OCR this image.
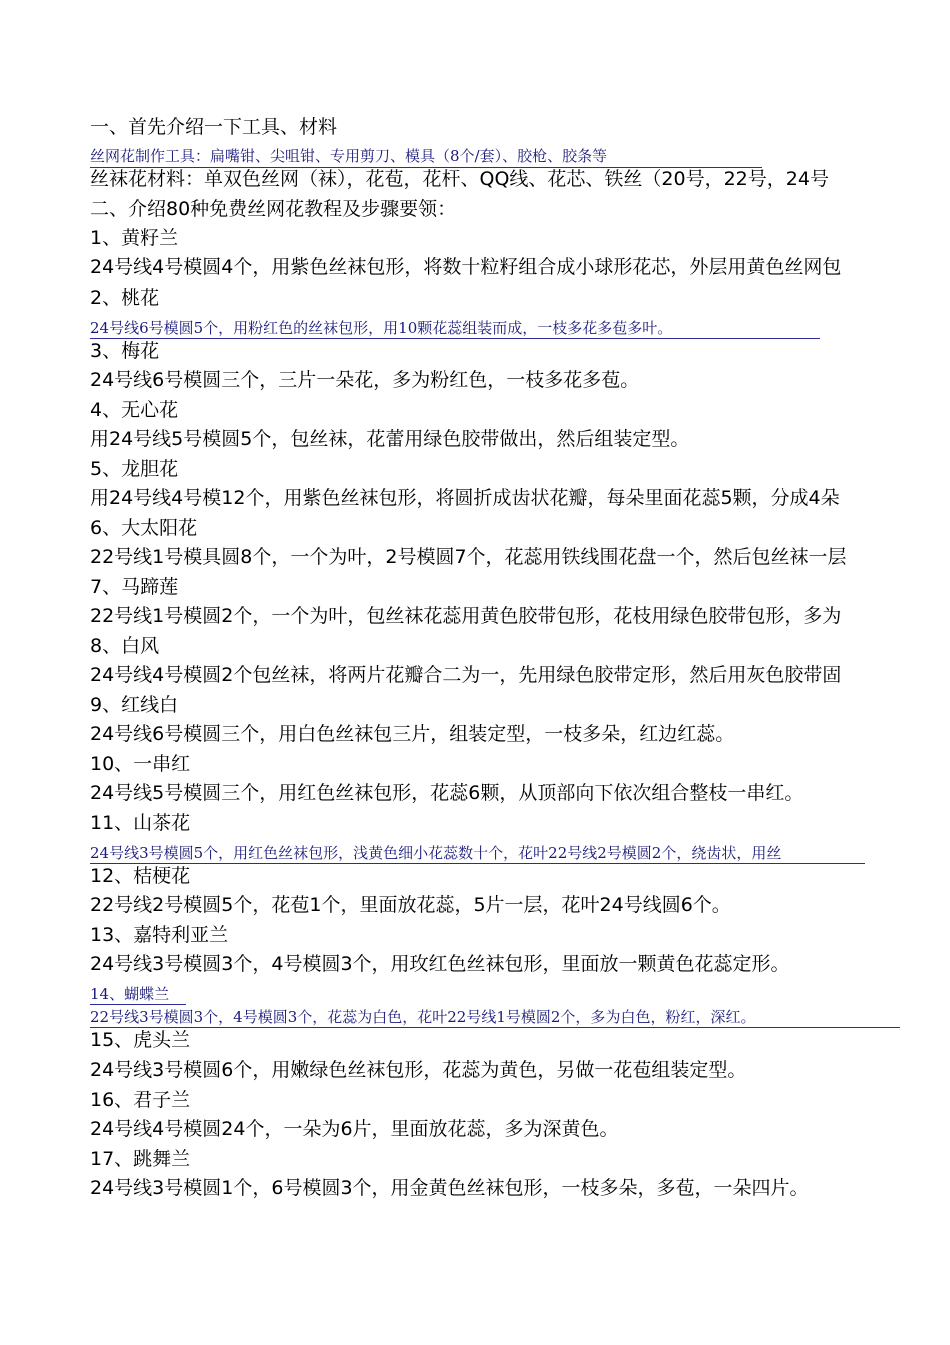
一、首先介绍一下工具、材料
丝网花制作工具：扁嘴钳、尖咀钳、专用剪刀、模具（8个/套）、胶枪、胶条等
丝袜花材料：单双色丝网（袜），花苞，花杆、QQ线、花芯、铁丝（20号，22号，24号
二、介绍80种免费丝网花教程及步骤要领：
1、黄籽兰
24号线4号模圆4个，用紫色丝袜包形，将数十粒籽组合成小球形花芯，外层用黄色丝网包
2、桃花
24号线6号模圆5个，用粉红色的丝袜包形，用10颗花蕊组装而成，一枝多花多苞多叶。
3、梅花
24号线6号模圆三个，三片一朵花，多为粉红色，一枝多花多苞。
4、无心花
用24号线5号模圆5个，包丝袜，花蕾用绿色胶带做出，然后组装定型。
5、龙胆花
用24号线4号模12个，用紫色丝袜包形，将圆折成齿状花瓣，每朵里面花蕊5颗，分成4朵
6、大太阳花
22号线1号模具圆8个，一个为叶，2号模圆7个，花蕊用铁线围花盘一个，然后包丝袜一层
7、马蹄莲
22号线1号模圆2个，一个为叶，包丝袜花蕊用黄色胶带包形，花枝用绿色胶带包形，多为
8、白风
24号线4号模圆2个包丝袜，将两片花瓣合二为一，先用绿色胶带定形，然后用灰色胶带固
9、红线白
24号线6号模圆三个，用白色丝袜包三片，组装定型，一枝多朵，红边红蕊。
10、一串红
24号线5号模圆三个，用红色丝袜包形，花蕊6颗，从顶部向下依次组合整枝一串红。
11、山茶花
24号线3号模圆5个，用红色丝袜包形，浅黄色细小花蕊数十个，花叶22号线2号模圆2个，绕齿状，用丝
12、桔梗花
22号线2号模圆5个，花苞1个，里面放花蕊，5片一层，花叶24号线圆6个。
13、嘉特利亚兰
24号线3号模圆3个，4号模圆3个，用玫红色丝袜包形，里面放一颗黄色花蕊定形。
14、蝴蝶兰
22号线3号模圆3个，4号模圆3个，花蕊为白色，花叶22号线1号模圆2个，多为白色，粉红，深红。
15、虎头兰
24号线3号模圆6个，用嫩绿色丝袜包形，花蕊为黄色，另做一花苞组装定型。
16、君子兰
24号线4号模圆24个，一朵为6片，里面放花蕊，多为深黄色。
17、跳舞兰
24号线3号模圆1个，6号模圆3个，用金黄色丝袜包形，一枝多朵，多苞，一朵四片。
